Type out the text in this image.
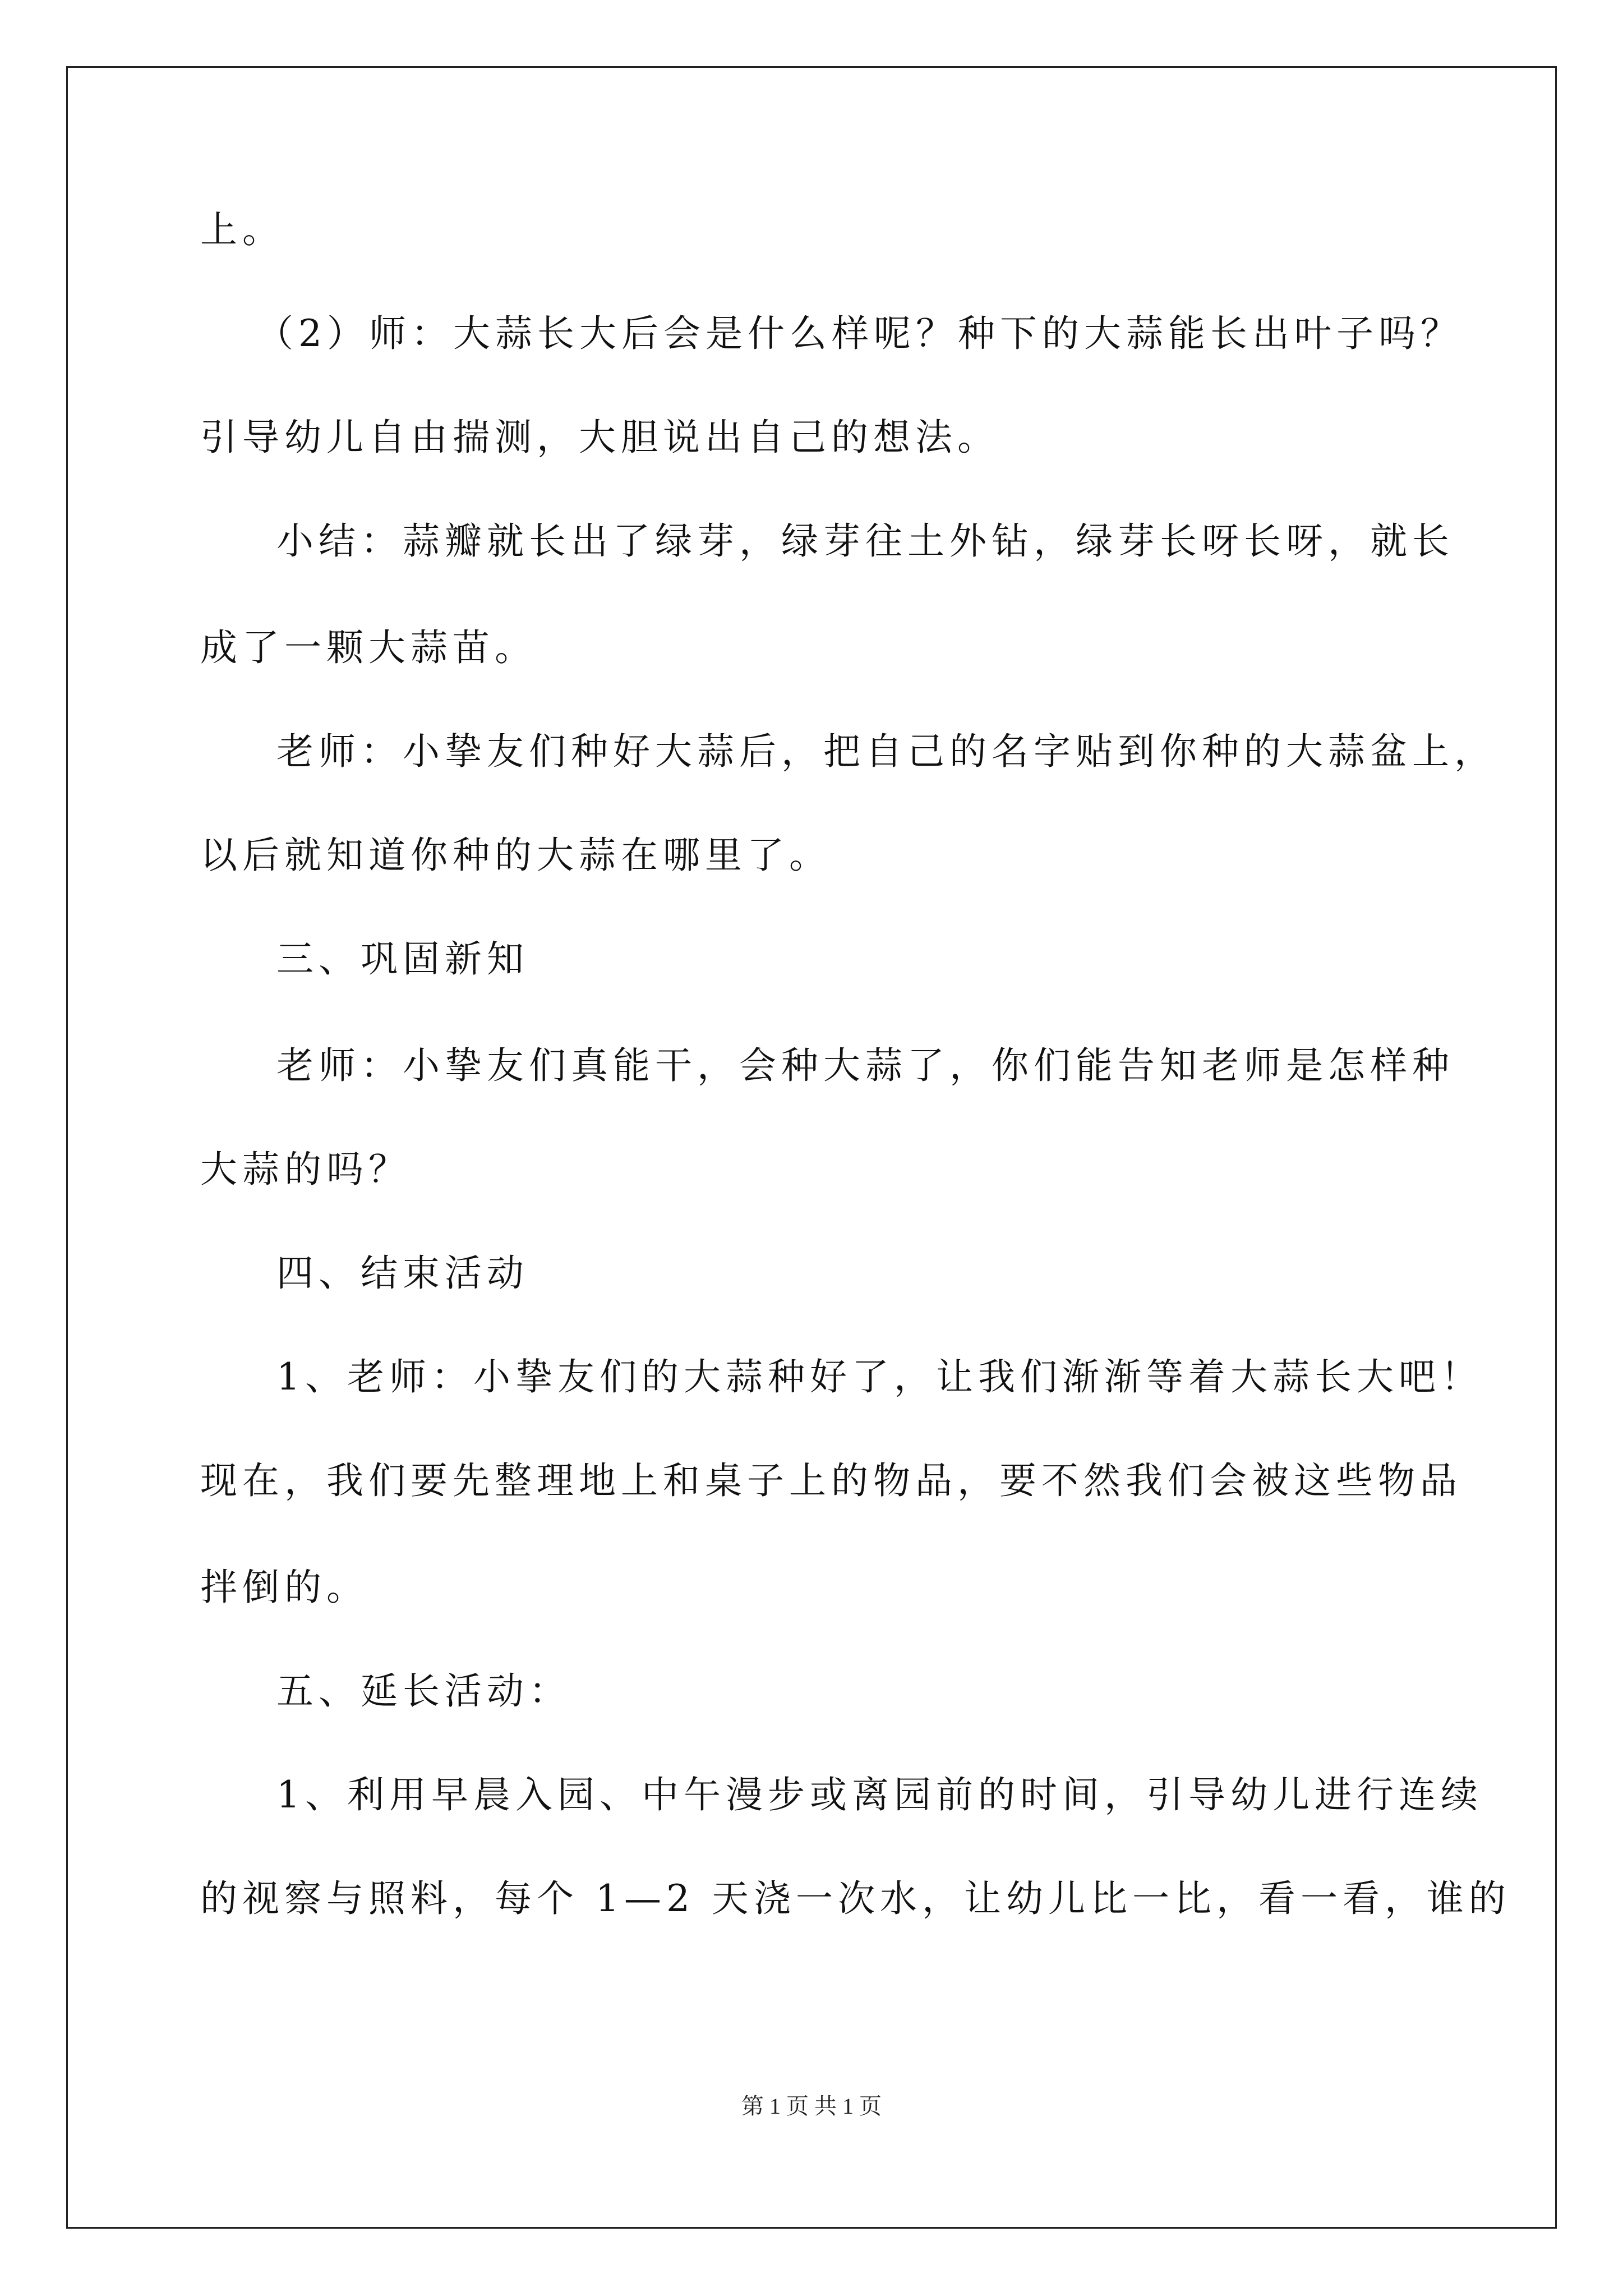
上。
（2）师：大蒜长大后会是什么样呢？种下的大蒜能长出叶子吗？
引导幼儿自由揣测，大胆说出自己的想法。
小结：蒜瓣就长出了绿芽，绿芽往土外钻，绿芽长呀长呀，就长
成了一颗大蒜苗。
老师：小挚友们种好大蒜后，把自己的名字贴到你种的大蒜盆上，
以后就知道你种的大蒜在哪里了。
三、巩固新知
老师：小挚友们真能干，会种大蒜了，你们能告知老师是怎样种
大蒜的吗？
四、结束活动
1、老师：小挚友们的大蒜种好了，让我们渐渐等着大蒜长大吧！
现在，我们要先整理地上和桌子上的物品，要不然我们会被这些物品
拌倒的。
五、延长活动：
1、利用早晨入园、中午漫步或离园前的时间，引导幼儿进行连续
的视察与照料，每个 1—2 天浇一次水，让幼儿比一比，看一看，谁的
第 1 页 共 1 页
